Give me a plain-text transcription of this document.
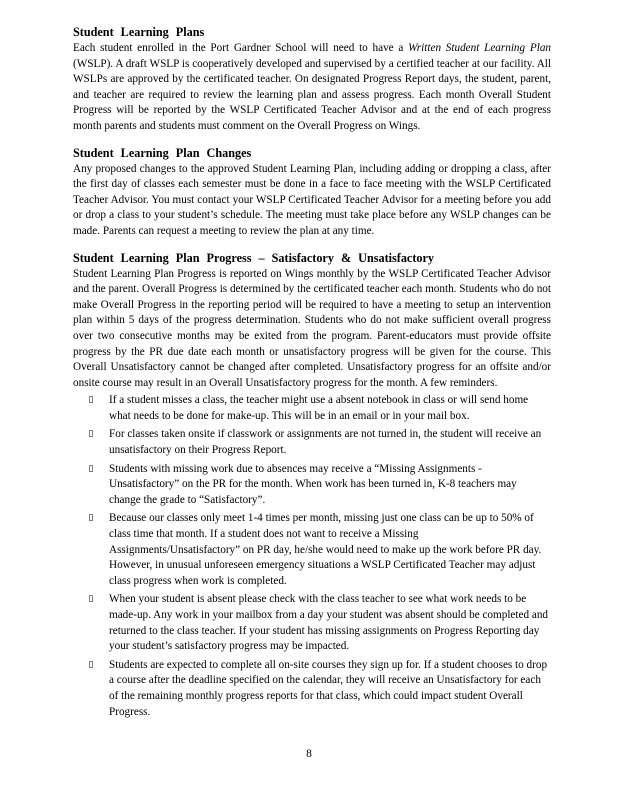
Student Learning Plans

Each student enrolled in the Port Gardner School will need to have a Written Student Learning Plan (WSLP). A draft WSLP is cooperatively developed and supervised by a certified teacher at our facility. All WSLPs are approved by the certificated teacher. On designated Progress Report days, the student, parent, and teacher are required to review the learning plan and assess progress. Each month Overall Student Progress will be reported by the WSLP Certificated Teacher Advisor and at the end of each progress month parents and students must comment on the Overall Progress on Wings.

Student Learning Plan Changes

Any proposed changes to the approved Student Learning Plan, including adding or dropping a class, after the first day of classes each semester must be done in a face to face meeting with the WSLP Certificated Teacher Advisor. You must contact your WSLP Certificated Teacher Advisor for a meeting before you add or drop a class to your student’s schedule. The meeting must take place before any WSLP changes can be made. Parents can request a meeting to review the plan at any time.

Student Learning Plan Progress – Satisfactory & Unsatisfactory

Student Learning Plan Progress is reported on Wings monthly by the WSLP Certificated Teacher Advisor and the parent. Overall Progress is determined by the certificated teacher each month. Students who do not make Overall Progress in the reporting period will be required to have a meeting to setup an intervention plan within 5 days of the progress determination. Students who do not make sufficient overall progress over two consecutive months may be exited from the program. Parent-educators must provide offsite progress by the PR due date each month or unsatisfactory progress will be given for the course. This Overall Unsatisfactory cannot be changed after completed. Unsatisfactory progress for an offsite and/or onsite course may result in an Overall Unsatisfactory progress for the month. A few reminders.

▯
If a student misses a class, the teacher might use a absent notebook in class or will send home what needs to be done for make-up. This will be in an email or in your mail box.
▯
For classes taken onsite if classwork or assignments are not turned in, the student will receive an unsatisfactory on their Progress Report.
▯
Students with missing work due to absences may receive a “Missing Assignments - Unsatisfactory” on the PR for the month. When work has been turned in, K-8 teachers may change the grade to “Satisfactory”.
▯
Because our classes only meet 1-4 times per month, missing just one class can be up to 50% of class time that month. If a student does not want to receive a Missing Assignments/Unsatisfactory” on PR day, he/she would need to make up the work before PR day. However, in unusual unforeseen emergency situations a WSLP Certificated Teacher may adjust class progress when work is completed.
▯
When your student is absent please check with the class teacher to see what work needs to be made-up. Any work in your mailbox from a day your student was absent should be completed and returned to the class teacher. If your student has missing assignments on Progress Reporting day your student’s satisfactory progress may be impacted.
▯
Students are expected to complete all on-site courses they sign up for. If a student chooses to drop a course after the deadline specified on the calendar, they will receive an Unsatisfactory for each of the remaining monthly progress reports for that class, which could impact student Overall Progress.
8
